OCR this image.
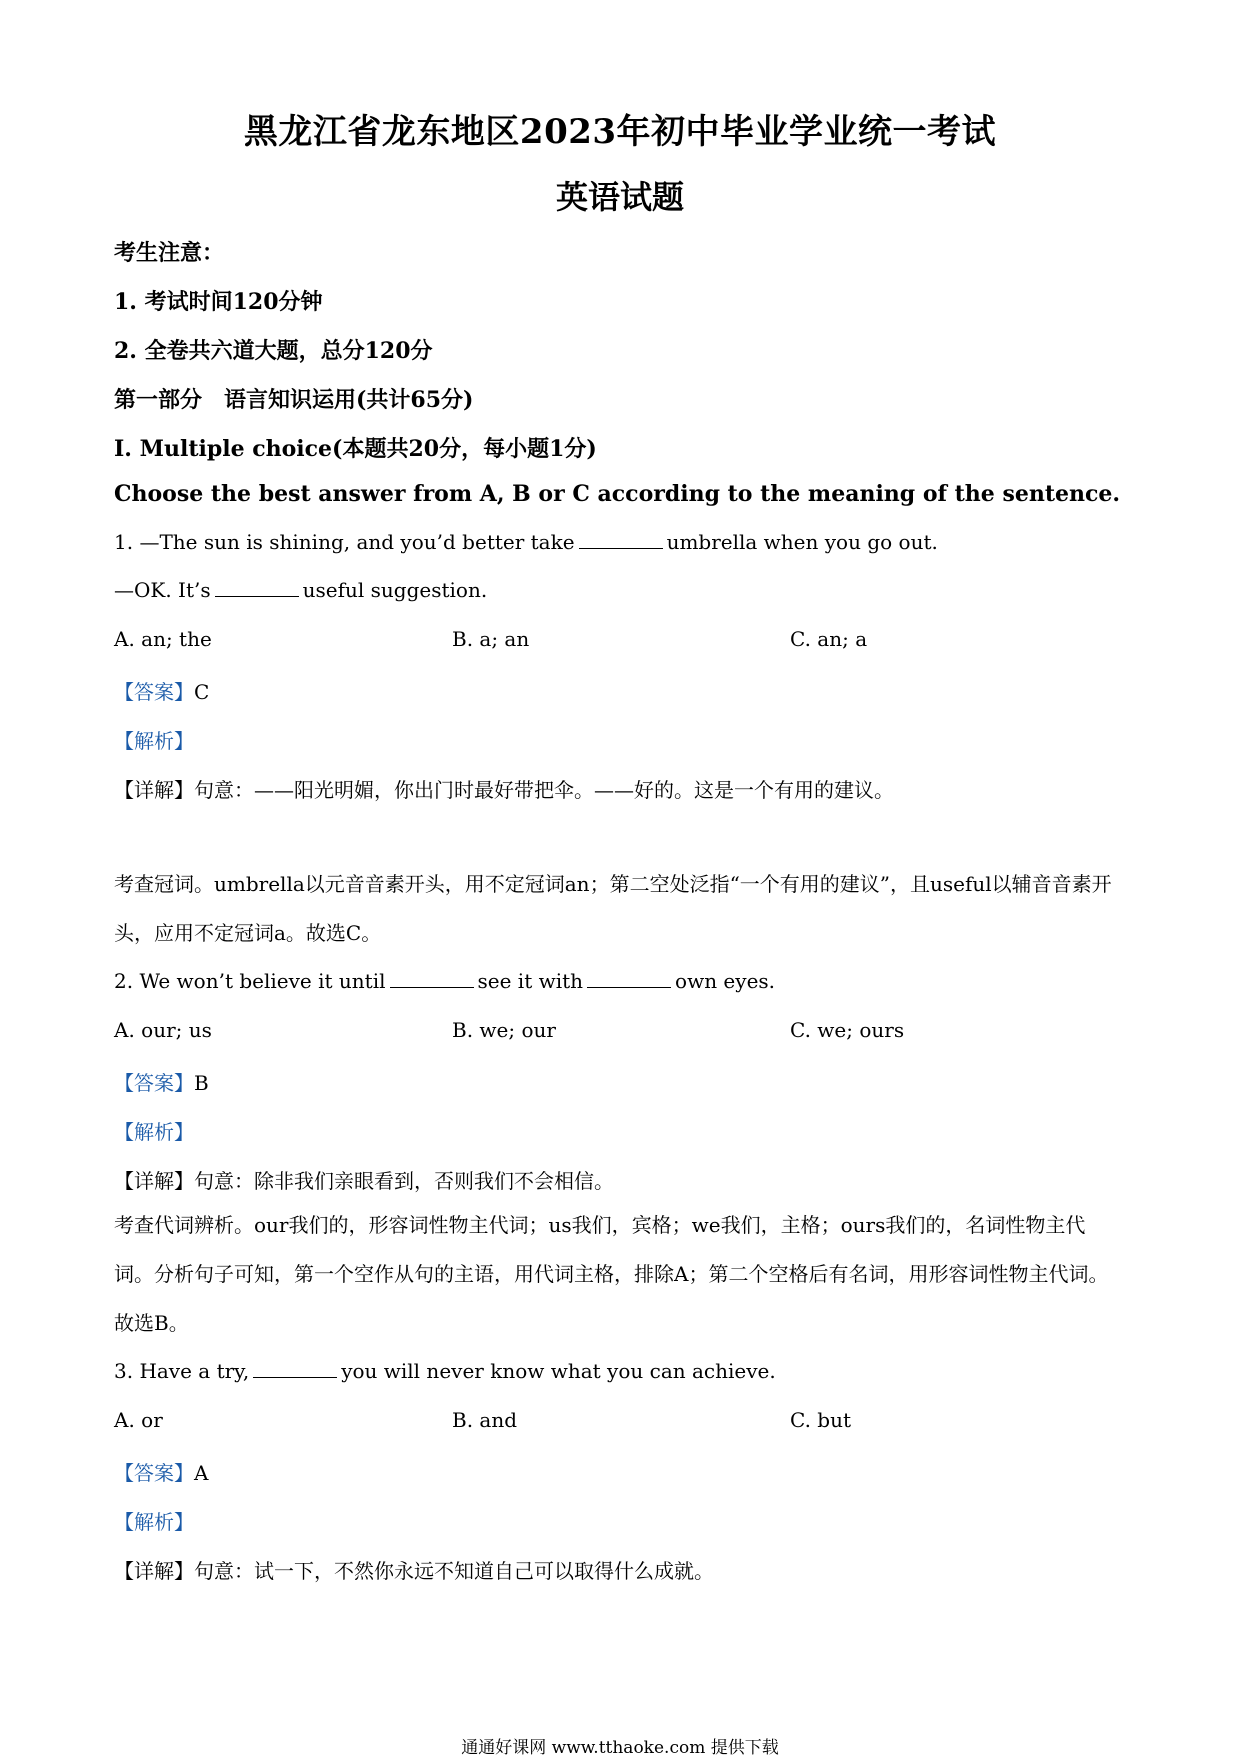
黑龙江省龙东地区2023年初中毕业学业统一考试
英语试题
考生注意：
1. 考试时间120分钟
2. 全卷共六道大题，总分120分
第一部分　语言知识运用(共计65分)
Ⅰ. Multiple choice(本题共20分，每小题1分)
Choose the best answer from A, B or C according to the meaning of the sentence.
1. —The sun is shining, and you’d better take	umbrella when you go out.
—OK. It’s	useful suggestion.
A. an; the	B. a; an	C. an; a
【答案】C
【解析】
【详解】句意：——阳光明媚，你出门时最好带把伞。——好的。这是一个有用的建议。
考查冠词。umbrella以元音音素开头，用不定冠词an；第二空处泛指“一个有用的建议”，且useful以辅音音素开头，应用不定冠词a。故选C。
2. We won’t believe it until	see it with	own eyes.
A. our; us	B. we; our	C. we; ours
【答案】B
【解析】
【详解】句意：除非我们亲眼看到，否则我们不会相信。
考查代词辨析。our我们的，形容词性物主代词；us我们，宾格；we我们，主格；ours我们的，名词性物主代词。分析句子可知，第一个空作从句的主语，用代词主格，排除A；第二个空格后有名词，用形容词性物主代词。故选B。
3. Have a try,	you will never know what you can achieve.
A. or	B. and	C. but
【答案】A
【解析】
【详解】句意：试一下，不然你永远不知道自己可以取得什么成就。
通通好课网 www.tthaoke.com 提供下载
